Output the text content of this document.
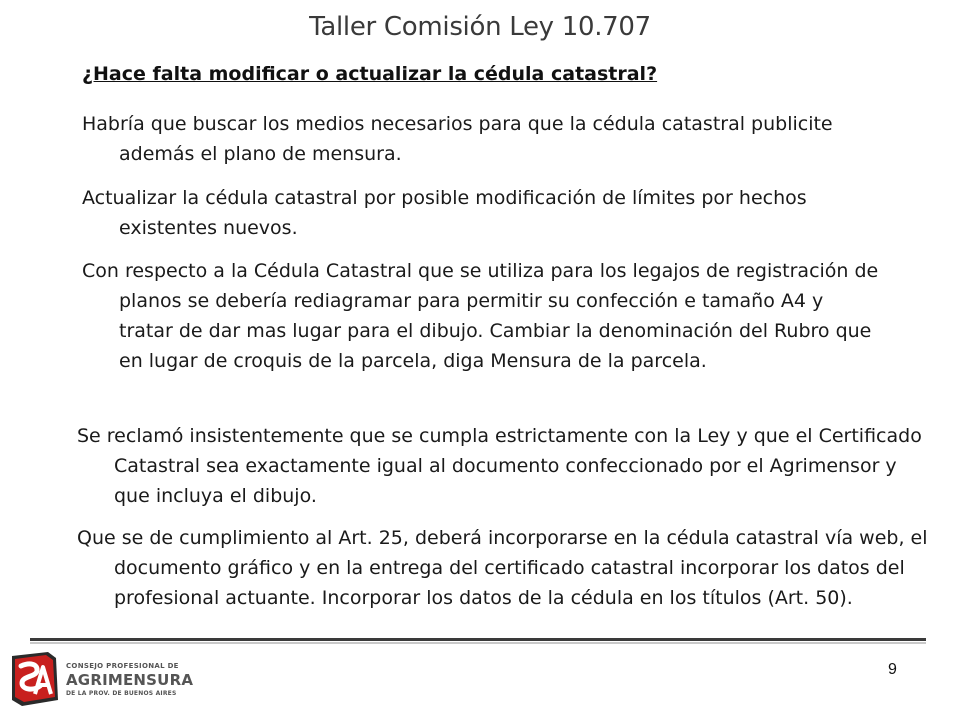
Taller Comisión Ley 10.707
¿Hace falta modificar o actualizar la cédula catastral?
Habría que buscar los medios necesarios para que la cédula catastral publicite además el plano de mensura.
Actualizar la cédula catastral por posible modificación de límites por hechos existentes nuevos.
Con respecto a la Cédula Catastral que se utiliza para los legajos de registración de planos se debería rediagramar para permitir su confección e tamaño A4 y tratar de dar mas lugar para el dibujo. Cambiar la denominación del Rubro que en lugar de croquis de la parcela, diga Mensura de la parcela.
Se reclamó insistentemente que se cumpla estrictamente con la Ley y que el Certificado Catastral sea exactamente igual al documento confeccionado por el Agrimensor y que incluya el dibujo.
Que se de cumplimiento al Art. 25, deberá incorporarse en la cédula catastral vía web, el documento gráfico y en la entrega del certificado catastral incorporar los datos del profesional actuante. Incorporar los datos de la cédula en los títulos (Art. 50).
CONSEJO PROFESIONAL DE
AGRIMENSURA
DE LA PROV. DE BUENOS AIRES
9
